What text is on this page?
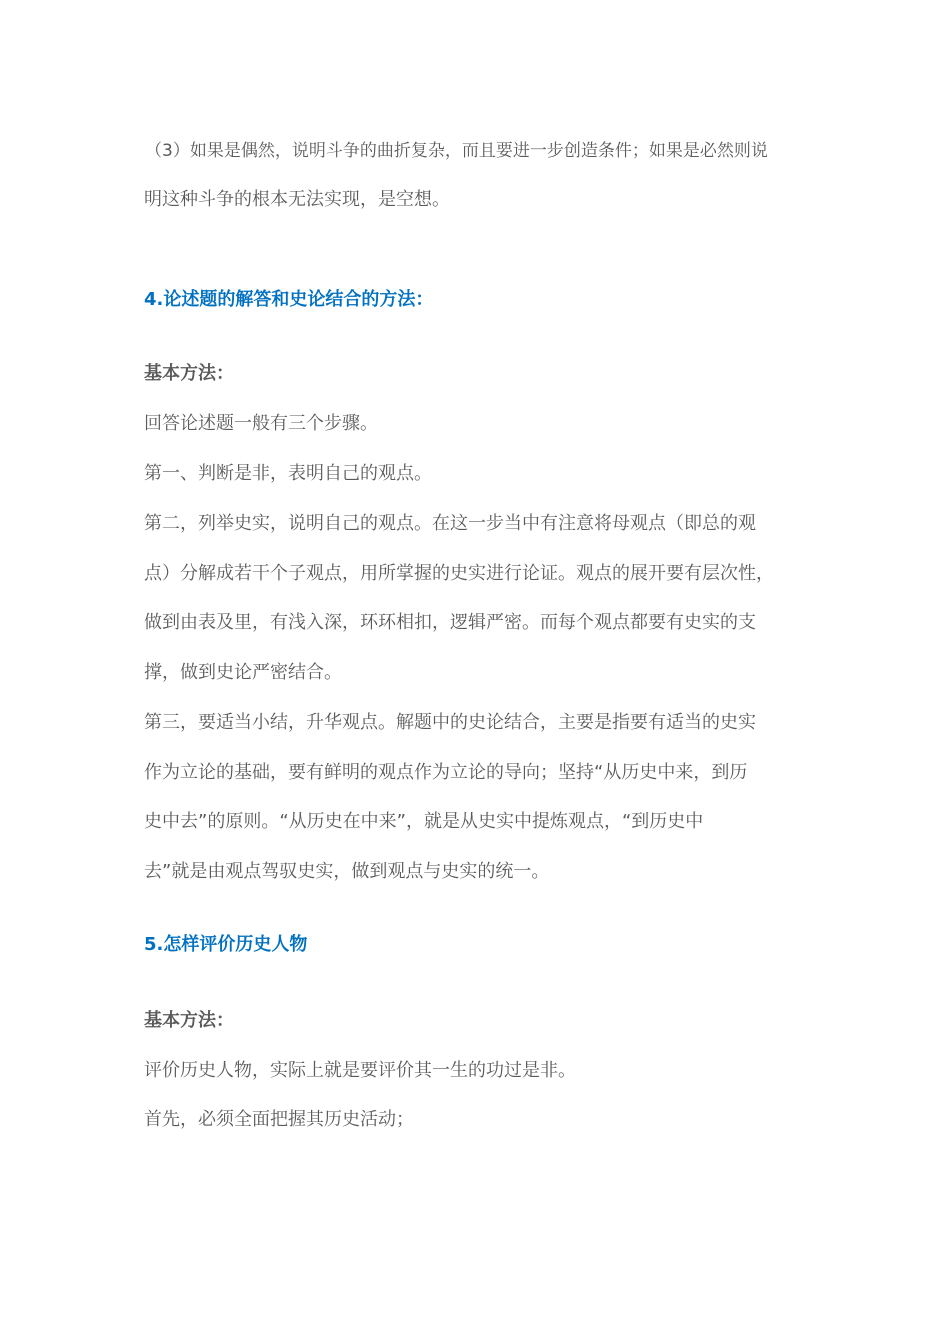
（3）如果是偶然，说明斗争的曲折复杂，而且要进一步创造条件；如果是必然则说
明这种斗争的根本无法实现，是空想。
4.论述题的解答和史论结合的方法：
基本方法：
回答论述题一般有三个步骤。
第一、判断是非，表明自己的观点。
第二，列举史实，说明自己的观点。在这一步当中有注意将母观点（即总的观
点）分解成若干个子观点，用所掌握的史实进行论证。观点的展开要有层次性，
做到由表及里，有浅入深，环环相扣，逻辑严密。而每个观点都要有史实的支
撑，做到史论严密结合。
第三，要适当小结，升华观点。解题中的史论结合，主要是指要有适当的史实
作为立论的基础，要有鲜明的观点作为立论的导向；坚持“从历史中来，到历
史中去”的原则。“从历史在中来”，就是从史实中提炼观点，“到历史中
去”就是由观点驾驭史实，做到观点与史实的统一。
5.怎样评价历史人物
基本方法：
评价历史人物，实际上就是要评价其一生的功过是非。
首先，必须全面把握其历史活动；
